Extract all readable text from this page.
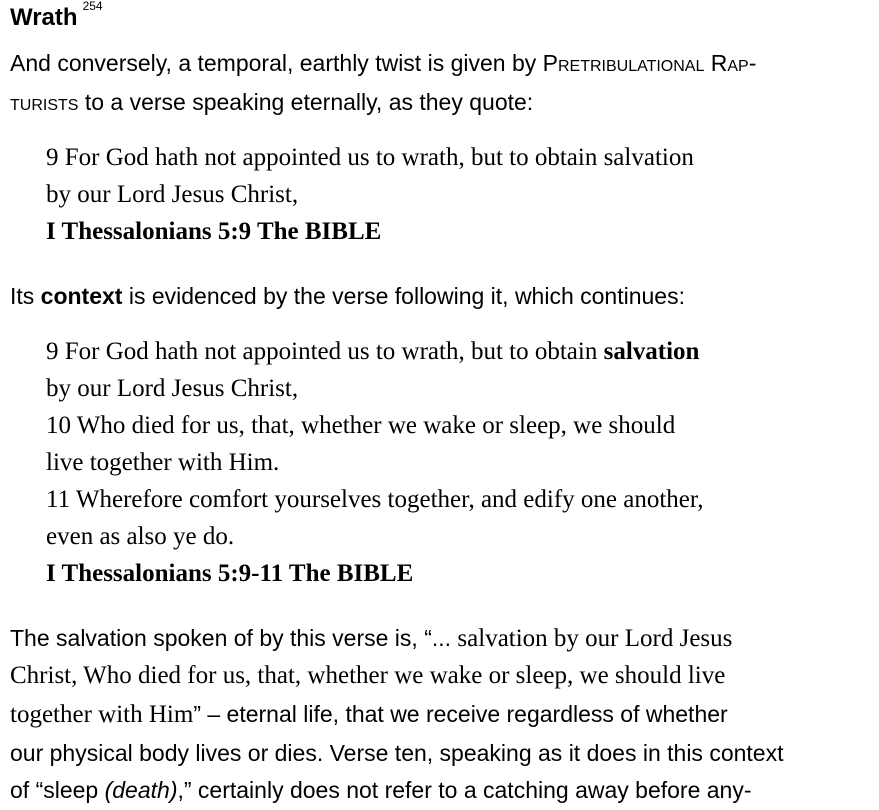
Wrath $^{254}$
And conversely, a temporal, earthly twist is given by Pretribulational Rap-
turists to a verse speaking eternally, as they quote:
9 For God hath not appointed us to wrath, but to obtain salvation
by our Lord Jesus Christ,
I Thessalonians 5:9 The BIBLE
Its context is evidenced by the verse following it, which continues:
9 For God hath not appointed us to wrath, but to obtain salvation
by our Lord Jesus Christ,
10 Who died for us, that, whether we wake or sleep, we should
live together with Him.
11 Wherefore comfort yourselves together, and edify one another,
even as also ye do.
I Thessalonians 5:9-11 The BIBLE
The salvation spoken of by this verse is, “... salvation by our Lord Jesus
Christ, Who died for us, that, whether we wake or sleep, we should live
together with Him” – eternal life, that we receive regardless of whether
our physical body lives or dies. Verse ten, speaking as it does in this context
of “sleep (death),” certainly does not refer to a catching away before any-
